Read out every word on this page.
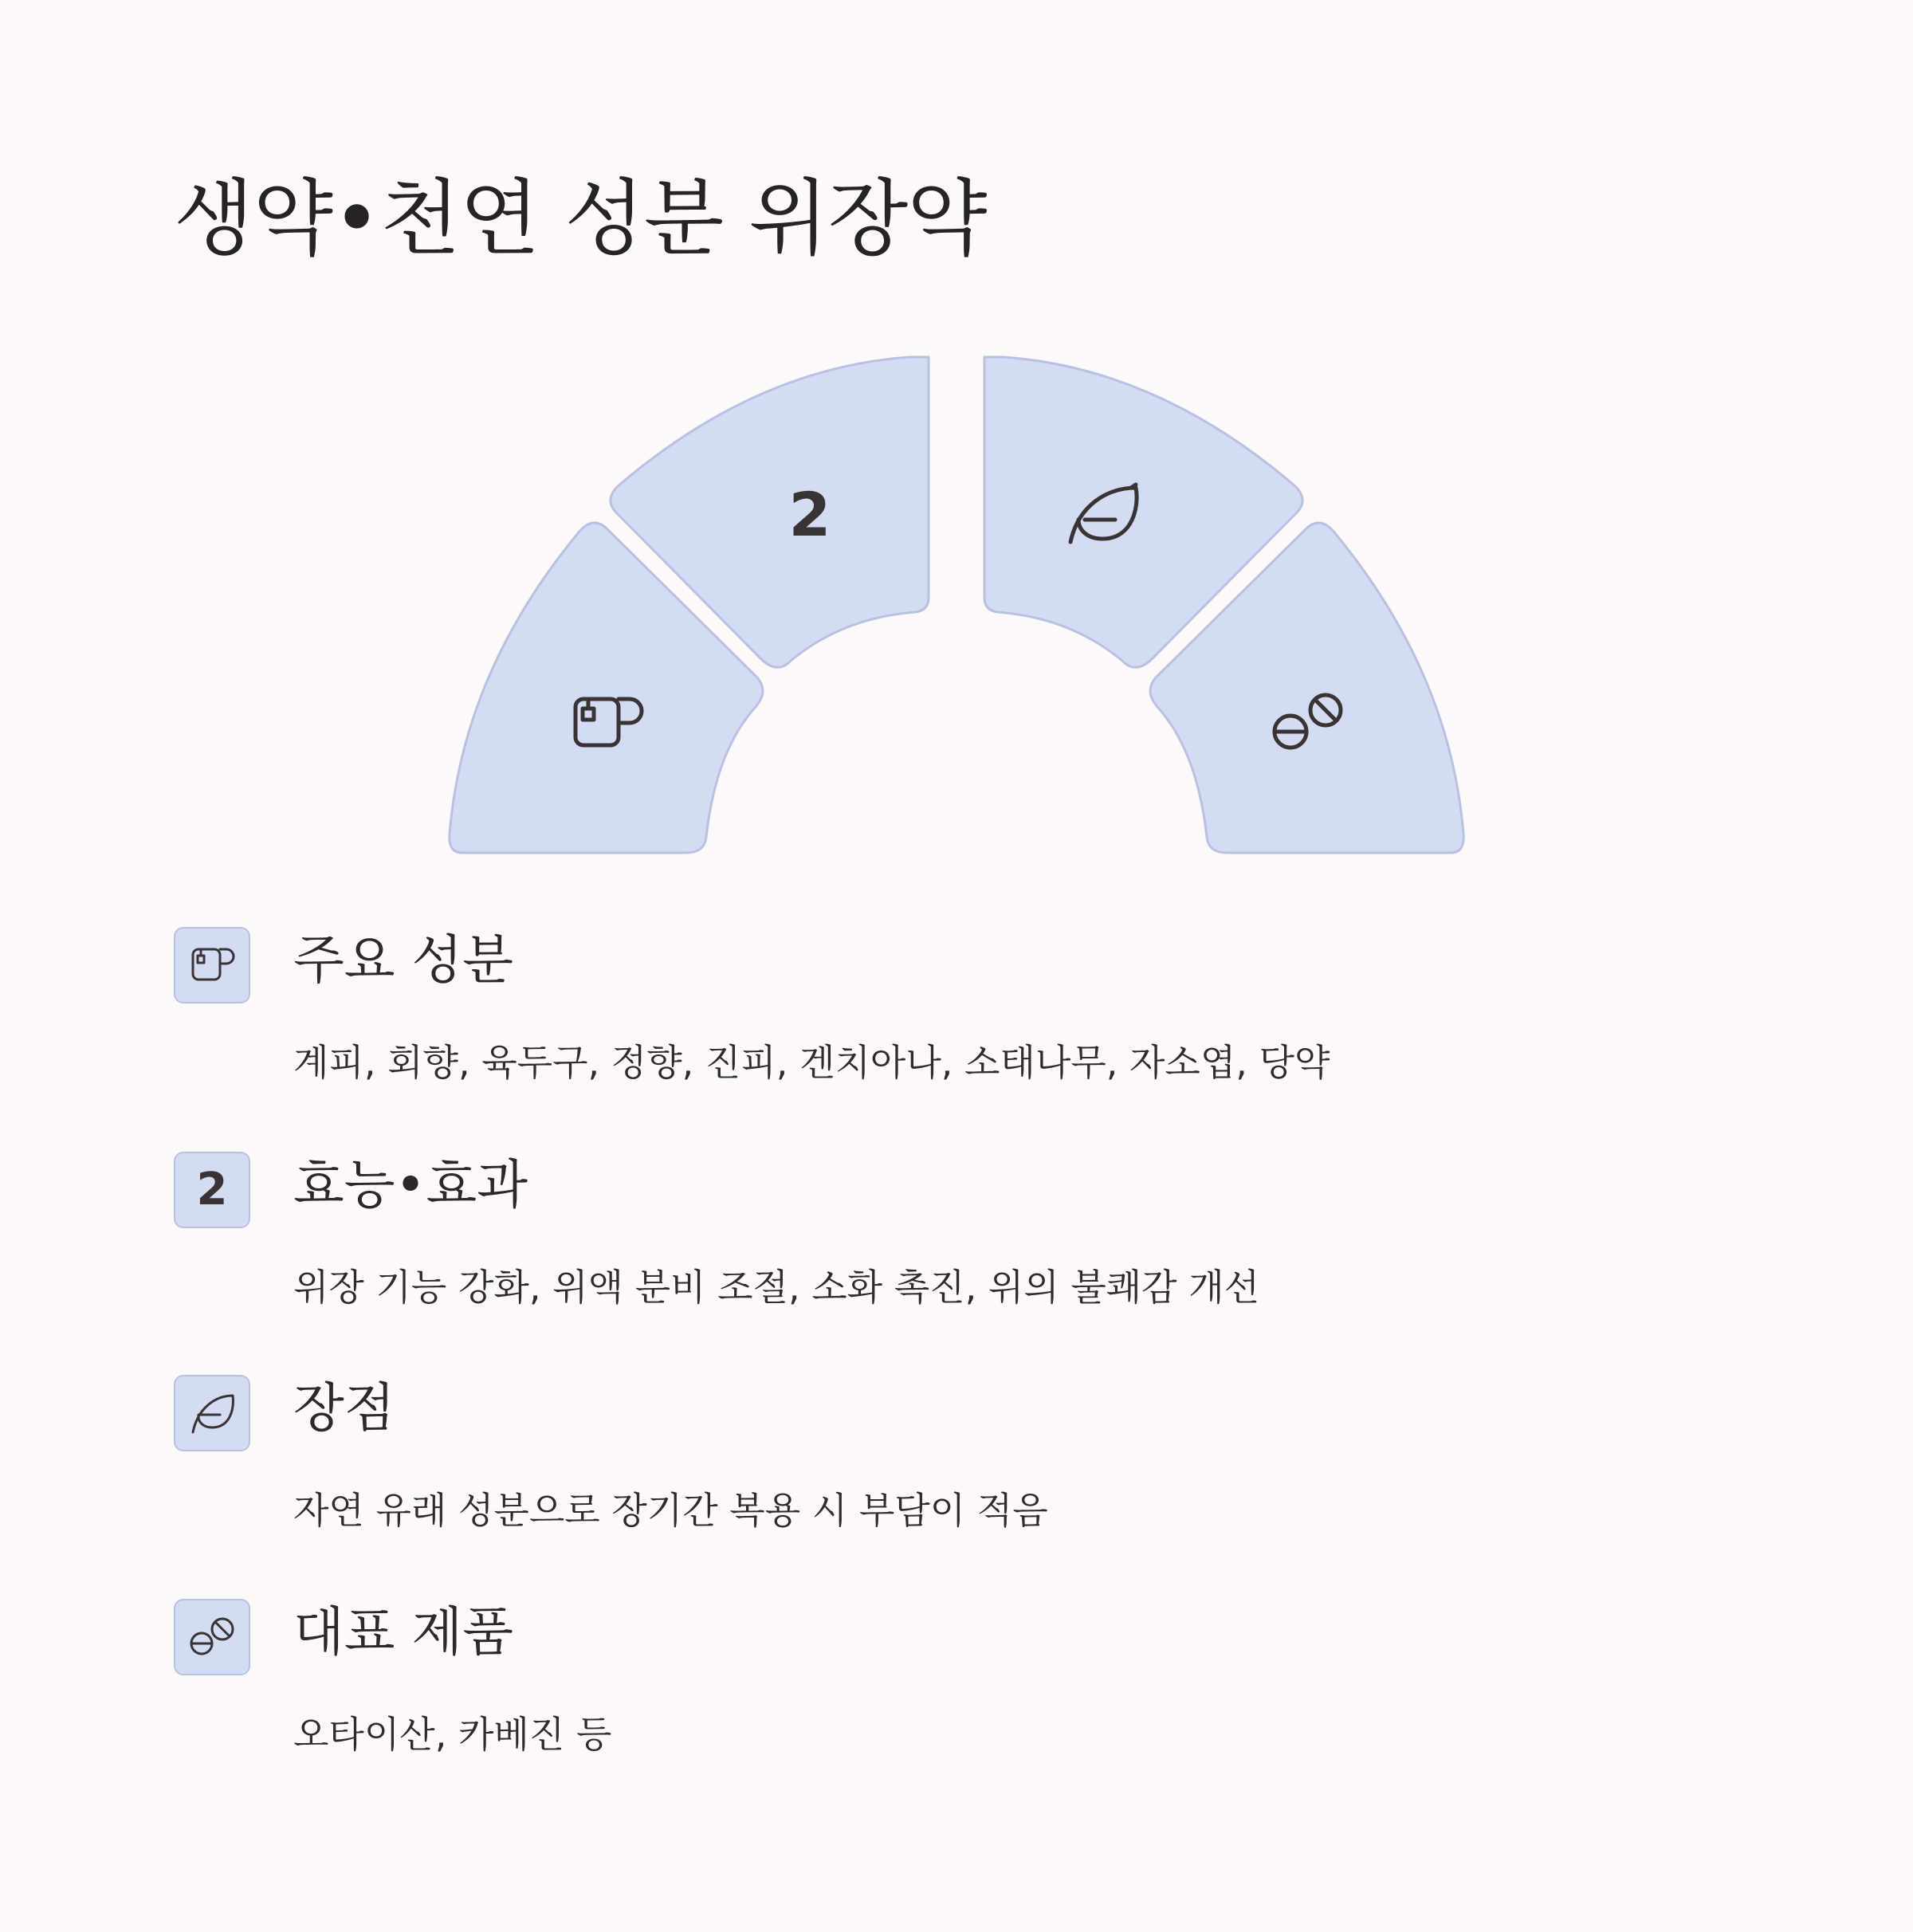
생약•천연 성분 위장약
2
주요 성분

계피, 회향, 육두구, 정향, 진피, 겐치아나, 소태나무, 자소엽, 당약

2 효능•효과

위장 기능 강화, 위액 분비 조절, 소화 촉진, 위의 불쾌감 개선

장점

자연 유래 성분으로 장기간 복용 시 부담이 적음

대표 제품

오타이산, 카베진 등
